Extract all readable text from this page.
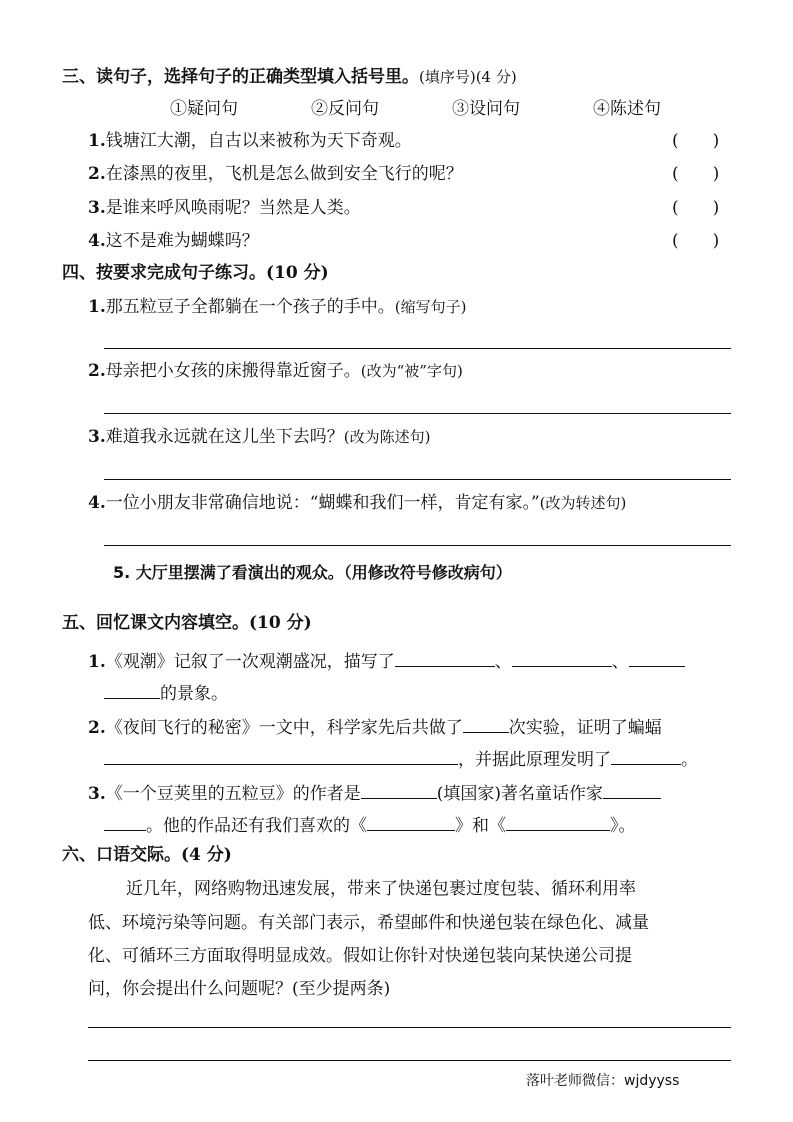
三、读句子，选择句子的正确类型填入括号里。(填序号)(4 分)
①疑问句	②反问句	③设问句	④陈述句
1.钱塘江大潮，自古以来被称为天下奇观。	(　　)
2.在漆黑的夜里，飞机是怎么做到安全飞行的呢？	(　　)
3.是谁来呼风唤雨呢？当然是人类。	(　　)
4.这不是难为蝴蝶吗？	(　　)
四、按要求完成句子练习。(10 分)
1.那五粒豆子全都躺在一个孩子的手中。(缩写句子)
2.母亲把小女孩的床搬得靠近窗子。(改为“被”字句)
3.难道我永远就在这儿坐下去吗？(改为陈述句)
4.一位小朋友非常确信地说：“蝴蝶和我们一样，肯定有家。”(改为转述句)
5. 大厅里摆满了看演出的观众。（用修改符号修改病句）
五、回忆课文内容填空。(10 分)
1.《观潮》记叙了一次观潮盛况，描写了	、	、
的景象。
2.《夜间飞行的秘密》一文中，科学家先后共做了	次实验，证明了蝙蝠
，并据此原理发明了	。
3.《一个豆荚里的五粒豆》的作者是	(填国家)著名童话作家
。他的作品还有我们喜欢的《	》和《	》。
六、口语交际。(4 分)
近几年，网络购物迅速发展，带来了快递包裹过度包装、循环利用率
低、环境污染等问题。有关部门表示，希望邮件和快递包装在绿色化、减量
化、可循环三方面取得明显成效。假如让你针对快递包装向某快递公司提
问，你会提出什么问题呢？(至少提两条)
落叶老师微信：wjdyyss
